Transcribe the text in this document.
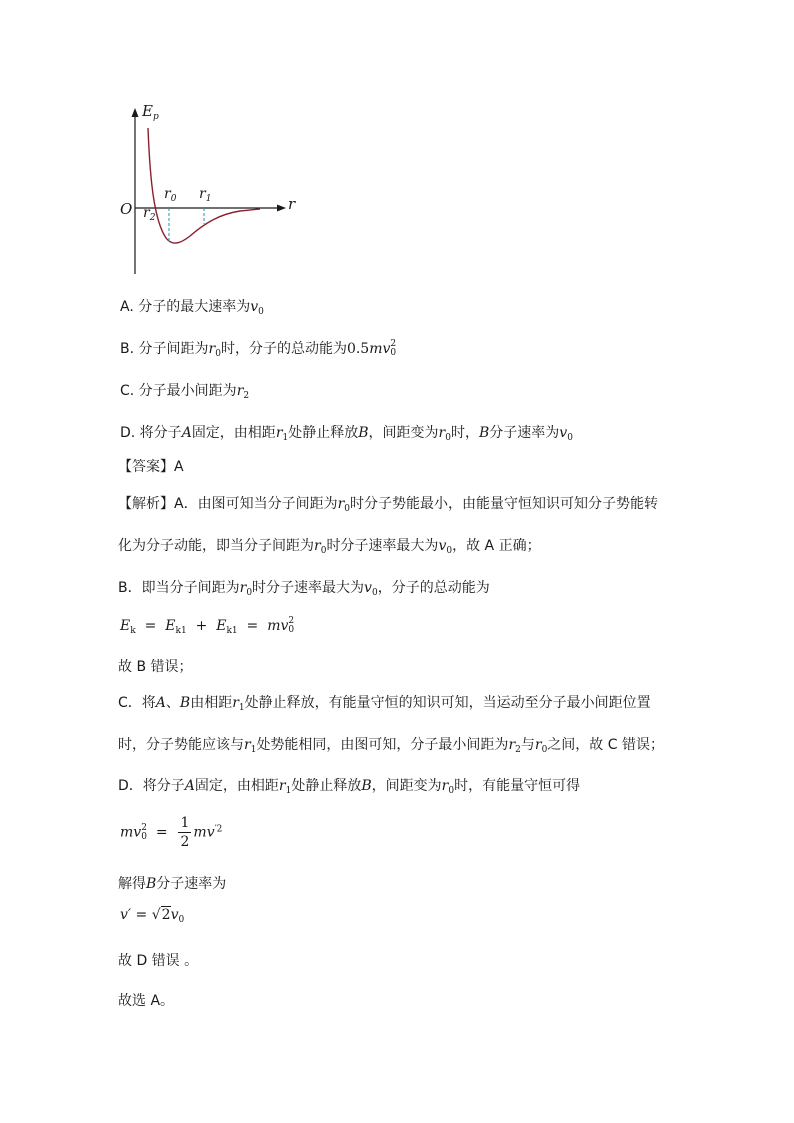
$E_p$
r
O
$r_0$ $r_1$
$r_2$
A. 分子的最大速率为$v_0$
B. 分子间距为$r_0$时，分子的总动能为0.5mv 2
0
C. 分子最小间距为$r_2$
D. 将分子A固定，由相距$r_1$处静止释放B，间距变为$r_0$时，B分子速率为$v_0$
【答案】A
【解析】A．由图可知当分子间距为$r_0$时分子势能最小，由能量守恒知识可知分子势能转
化为分子动能，即当分子间距为$r_0$时分子速率最大为$v_0$，故 A 正确；
B．即当分子间距为$r_0$时分子速率最大为$v_0$，分子的总动能为
$E_k = E_{k1} + E_{k1}$ = mv 2
0
故 B 错误；
C．将A、B由相距$r_1$处静止释放，有能量守恒的知识可知，当运动至分子最小间距位置
时，分子势能应该与$r_1$处势能相同，由图可知，分子最小间距为$r_2$与$r_0$之间，故 C 错误；
D．将分子A固定，由相距$r_1$处静止释放B，间距变为$r_0$时，有能量守恒可得
mv 2
$0 = \frac{1}{2} mv^{'2}$
解得B分子速率为
$v' = √2v_0$
故 D 错误 。
故选 A。
